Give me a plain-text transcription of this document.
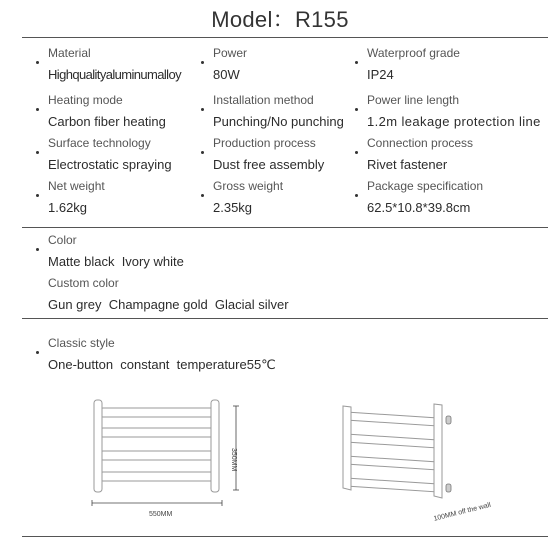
Model：R155
Material
Highqualityaluminumalloy
Power
80W
Waterproof grade
IP24
Heating mode
Carbon fiber heating
Installation method
Punching/No punching
Power line length
1.2m leakage protection line
Surface technology
Electrostatic spraying
Production process
Dust free assembly
Connection process
Rivet fastener
Net weight
1.62kg
Gross weight
2.35kg
Package specification
62.5*10.8*39.8cm
Color
Matte black  Ivory white
Custom color
Gun grey  Champagne gold  Glacial silver
Classic style
One-button  constant  temperature55℃
350MM
550MM	100MM off the wall
